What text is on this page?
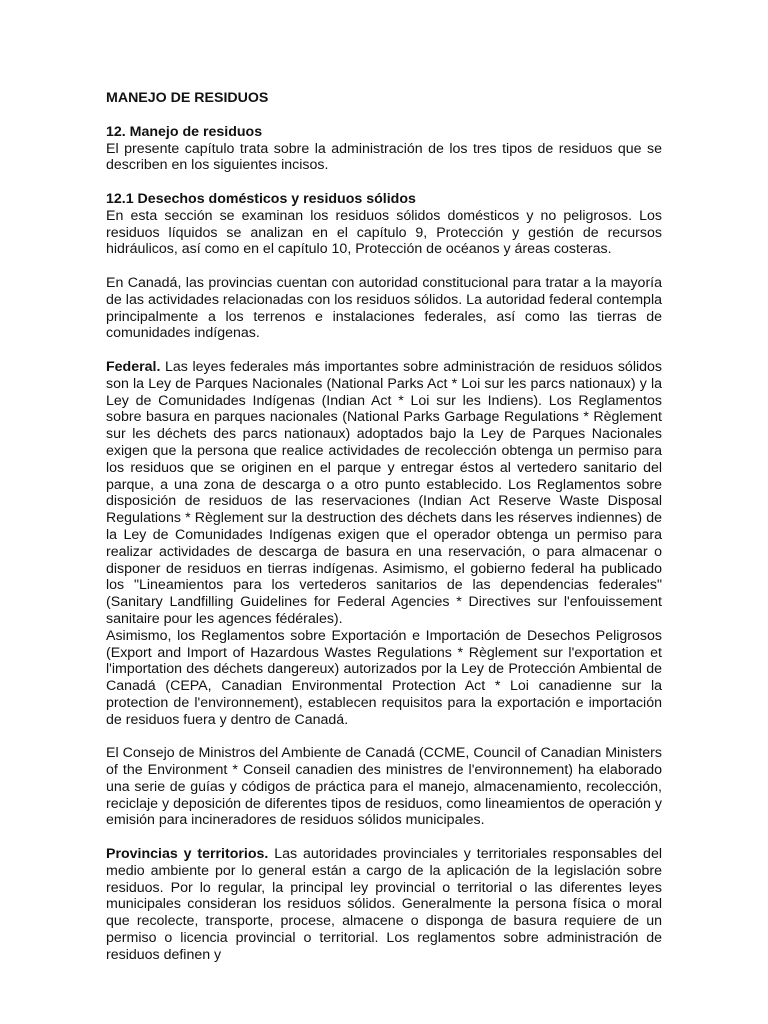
MANEJO DE RESIDUOS
12. Manejo de residuos

El presente capítulo trata sobre la administración de los tres tipos de residuos que se describen en los siguientes incisos.

12.1 Desechos domésticos y residuos sólidos

En esta sección se examinan los residuos sólidos domésticos y no peligrosos. Los residuos líquidos se analizan en el capítulo 9, Protección y gestión de recursos hidráulicos, así como en el capítulo 10, Protección de océanos y áreas costeras.

En Canadá, las provincias cuentan con autoridad constitucional para tratar a la mayoría de las actividades relacionadas con los residuos sólidos. La autoridad federal contempla principalmente a los terrenos e instalaciones federales, así como las tierras de comunidades indígenas.

Federal. Las leyes federales más importantes sobre administración de residuos sólidos son la Ley de Parques Nacionales (National Parks Act * Loi sur les parcs nationaux) y la Ley de Comunidades Indígenas (Indian Act * Loi sur les Indiens). Los Reglamentos sobre basura en parques nacionales (National Parks Garbage Regulations * Règlement sur les déchets des parcs nationaux) adoptados bajo la Ley de Parques Nacionales exigen que la persona que realice actividades de recolección obtenga un permiso para los residuos que se originen en el parque y entregar éstos al vertedero sanitario del parque, a una zona de descarga o a otro punto establecido. Los Reglamentos sobre disposición de residuos de las reservaciones (Indian Act Reserve Waste Disposal Regulations * Règlement sur la destruction des déchets dans les réserves indiennes) de la Ley de Comunidades Indígenas exigen que el operador obtenga un permiso para realizar actividades de descarga de basura en una reservación, o para almacenar o disponer de residuos en tierras indígenas. Asimismo, el gobierno federal ha publicado los "Lineamientos para los vertederos sanitarios de las dependencias federales" (Sanitary Landfilling Guidelines for Federal Agencies * Directives sur l'enfouissement sanitaire pour les agences fédérales).

Asimismo, los Reglamentos sobre Exportación e Importación de Desechos Peligrosos (Export and Import of Hazardous Wastes Regulations * Règlement sur l'exportation et l'importation des déchets dangereux) autorizados por la Ley de Protección Ambiental de Canadá (CEPA, Canadian Environmental Protection Act * Loi canadienne sur la protection de l'environnement), establecen requisitos para la exportación e importación de residuos fuera y dentro de Canadá.

El Consejo de Ministros del Ambiente de Canadá (CCME, Council of Canadian Ministers of the Environment * Conseil canadien des ministres de l'environnement) ha elaborado una serie de guías y códigos de práctica para el manejo, almacenamiento, recolección, reciclaje y deposición de diferentes tipos de residuos, como lineamientos de operación y emisión para incineradores de residuos sólidos municipales.

Provincias y territorios. Las autoridades provinciales y territoriales responsables del medio ambiente por lo general están a cargo de la aplicación de la legislación sobre residuos. Por lo regular, la principal ley provincial o territorial o las diferentes leyes municipales consideran los residuos sólidos. Generalmente la persona física o moral que recolecte, transporte, procese, almacene o disponga de basura requiere de un permiso o licencia provincial o territorial. Los reglamentos sobre administración de residuos definen y
